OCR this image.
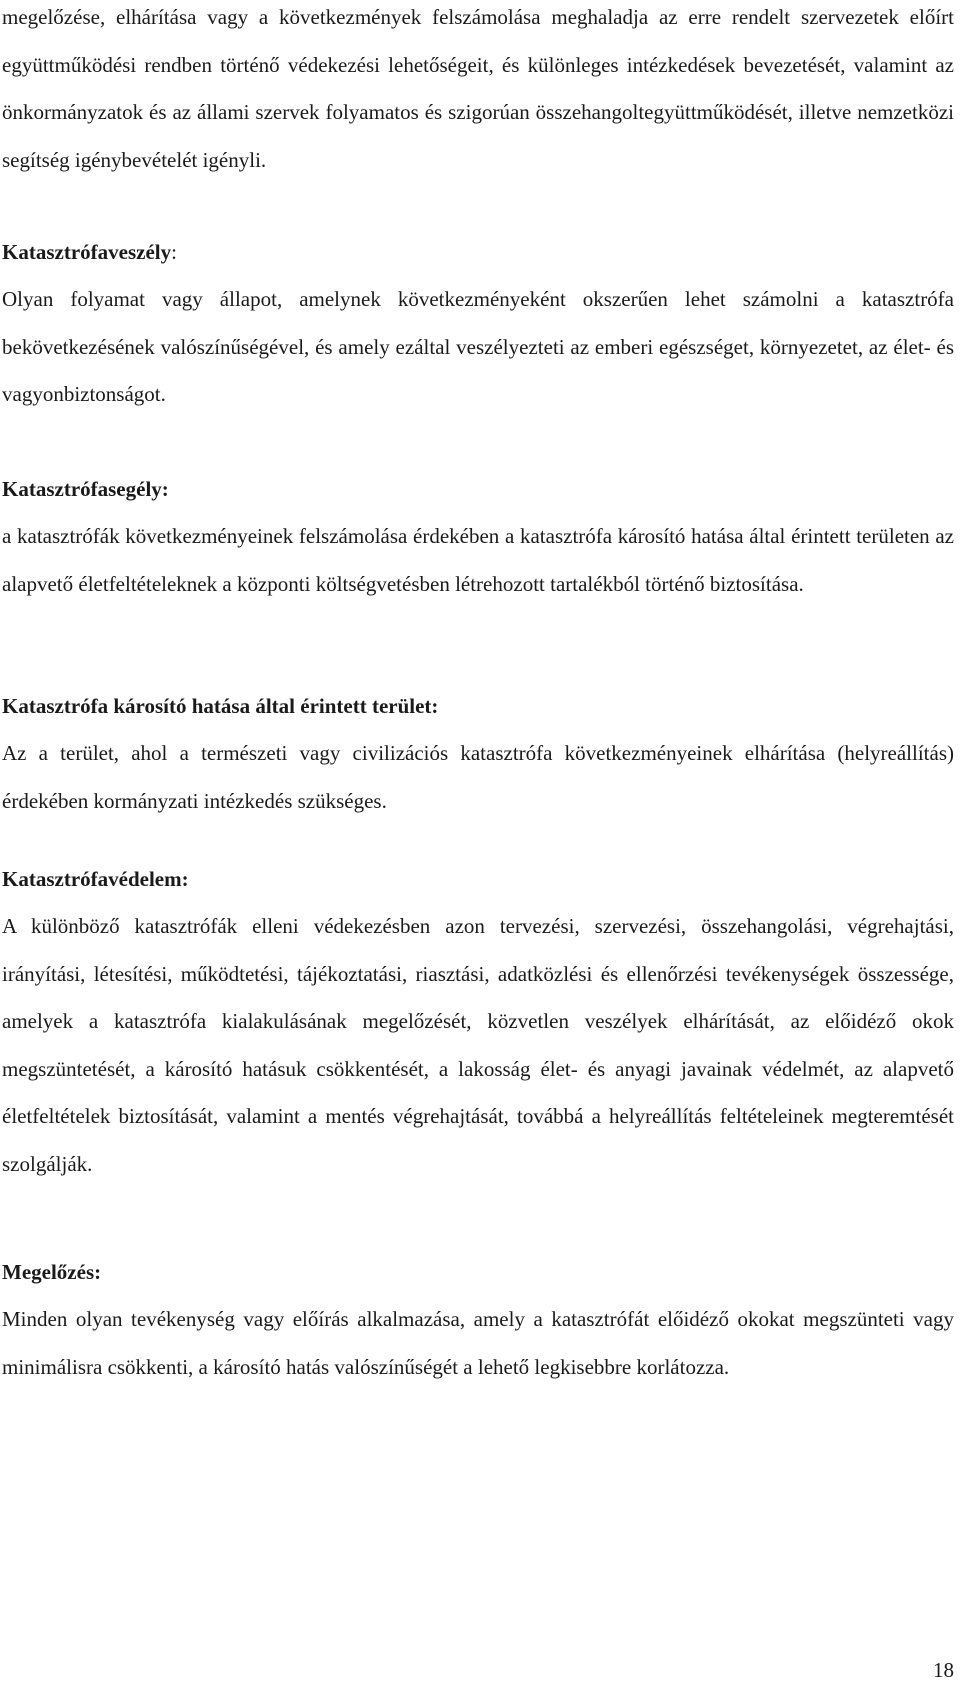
megelőzése, elhárítása vagy a következmények felszámolása meghaladja az erre rendelt szervezetek előírt együttműködési rendben történő védekezési lehetőségeit, és különleges intézkedések bevezetését, valamint az önkormányzatok és az állami szervek folyamatos és szigorúan összehangoltegyüttműködését, illetve nemzetközi segítség igénybevételét igényli.

Katasztrófaveszély:

Olyan folyamat vagy állapot, amelynek következményeként okszerűen lehet számolni a katasztrófa bekövetkezésének valószínűségével, és amely ezáltal veszélyezteti az emberi egészséget, környezetet, az élet- és vagyonbiztonságot.

Katasztrófasegély:

a katasztrófák következményeinek felszámolása érdekében a katasztrófa károsító hatása által érintett területen az alapvető életfeltételeknek a központi költségvetésben létrehozott tartalékból történő biztosítása.

Katasztrófa károsító hatása által érintett terület:

Az a terület, ahol a természeti vagy civilizációs katasztrófa következményeinek elhárítása (helyreállítás) érdekében kormányzati intézkedés szükséges.

Katasztrófavédelem:

A különböző katasztrófák elleni védekezésben azon tervezési, szervezési, összehangolási, végrehajtási, irányítási, létesítési, működtetési, tájékoztatási, riasztási, adatközlési és ellenőrzési tevékenységek összessége, amelyek a katasztrófa kialakulásának megelőzését, közvetlen veszélyek elhárítását, az előidéző okok megszüntetését, a károsító hatásuk csökkentését, a lakosság élet- és anyagi javainak védelmét, az alapvető életfeltételek biztosítását, valamint a mentés végrehajtását, továbbá a helyreállítás feltételeinek megteremtését szolgálják.

Megelőzés:

Minden olyan tevékenység vagy előírás alkalmazása, amely a katasztrófát előidéző okokat megszünteti vagy minimálisra csökkenti, a károsító hatás valószínűségét a lehető legkisebbre korlátozza.

18
